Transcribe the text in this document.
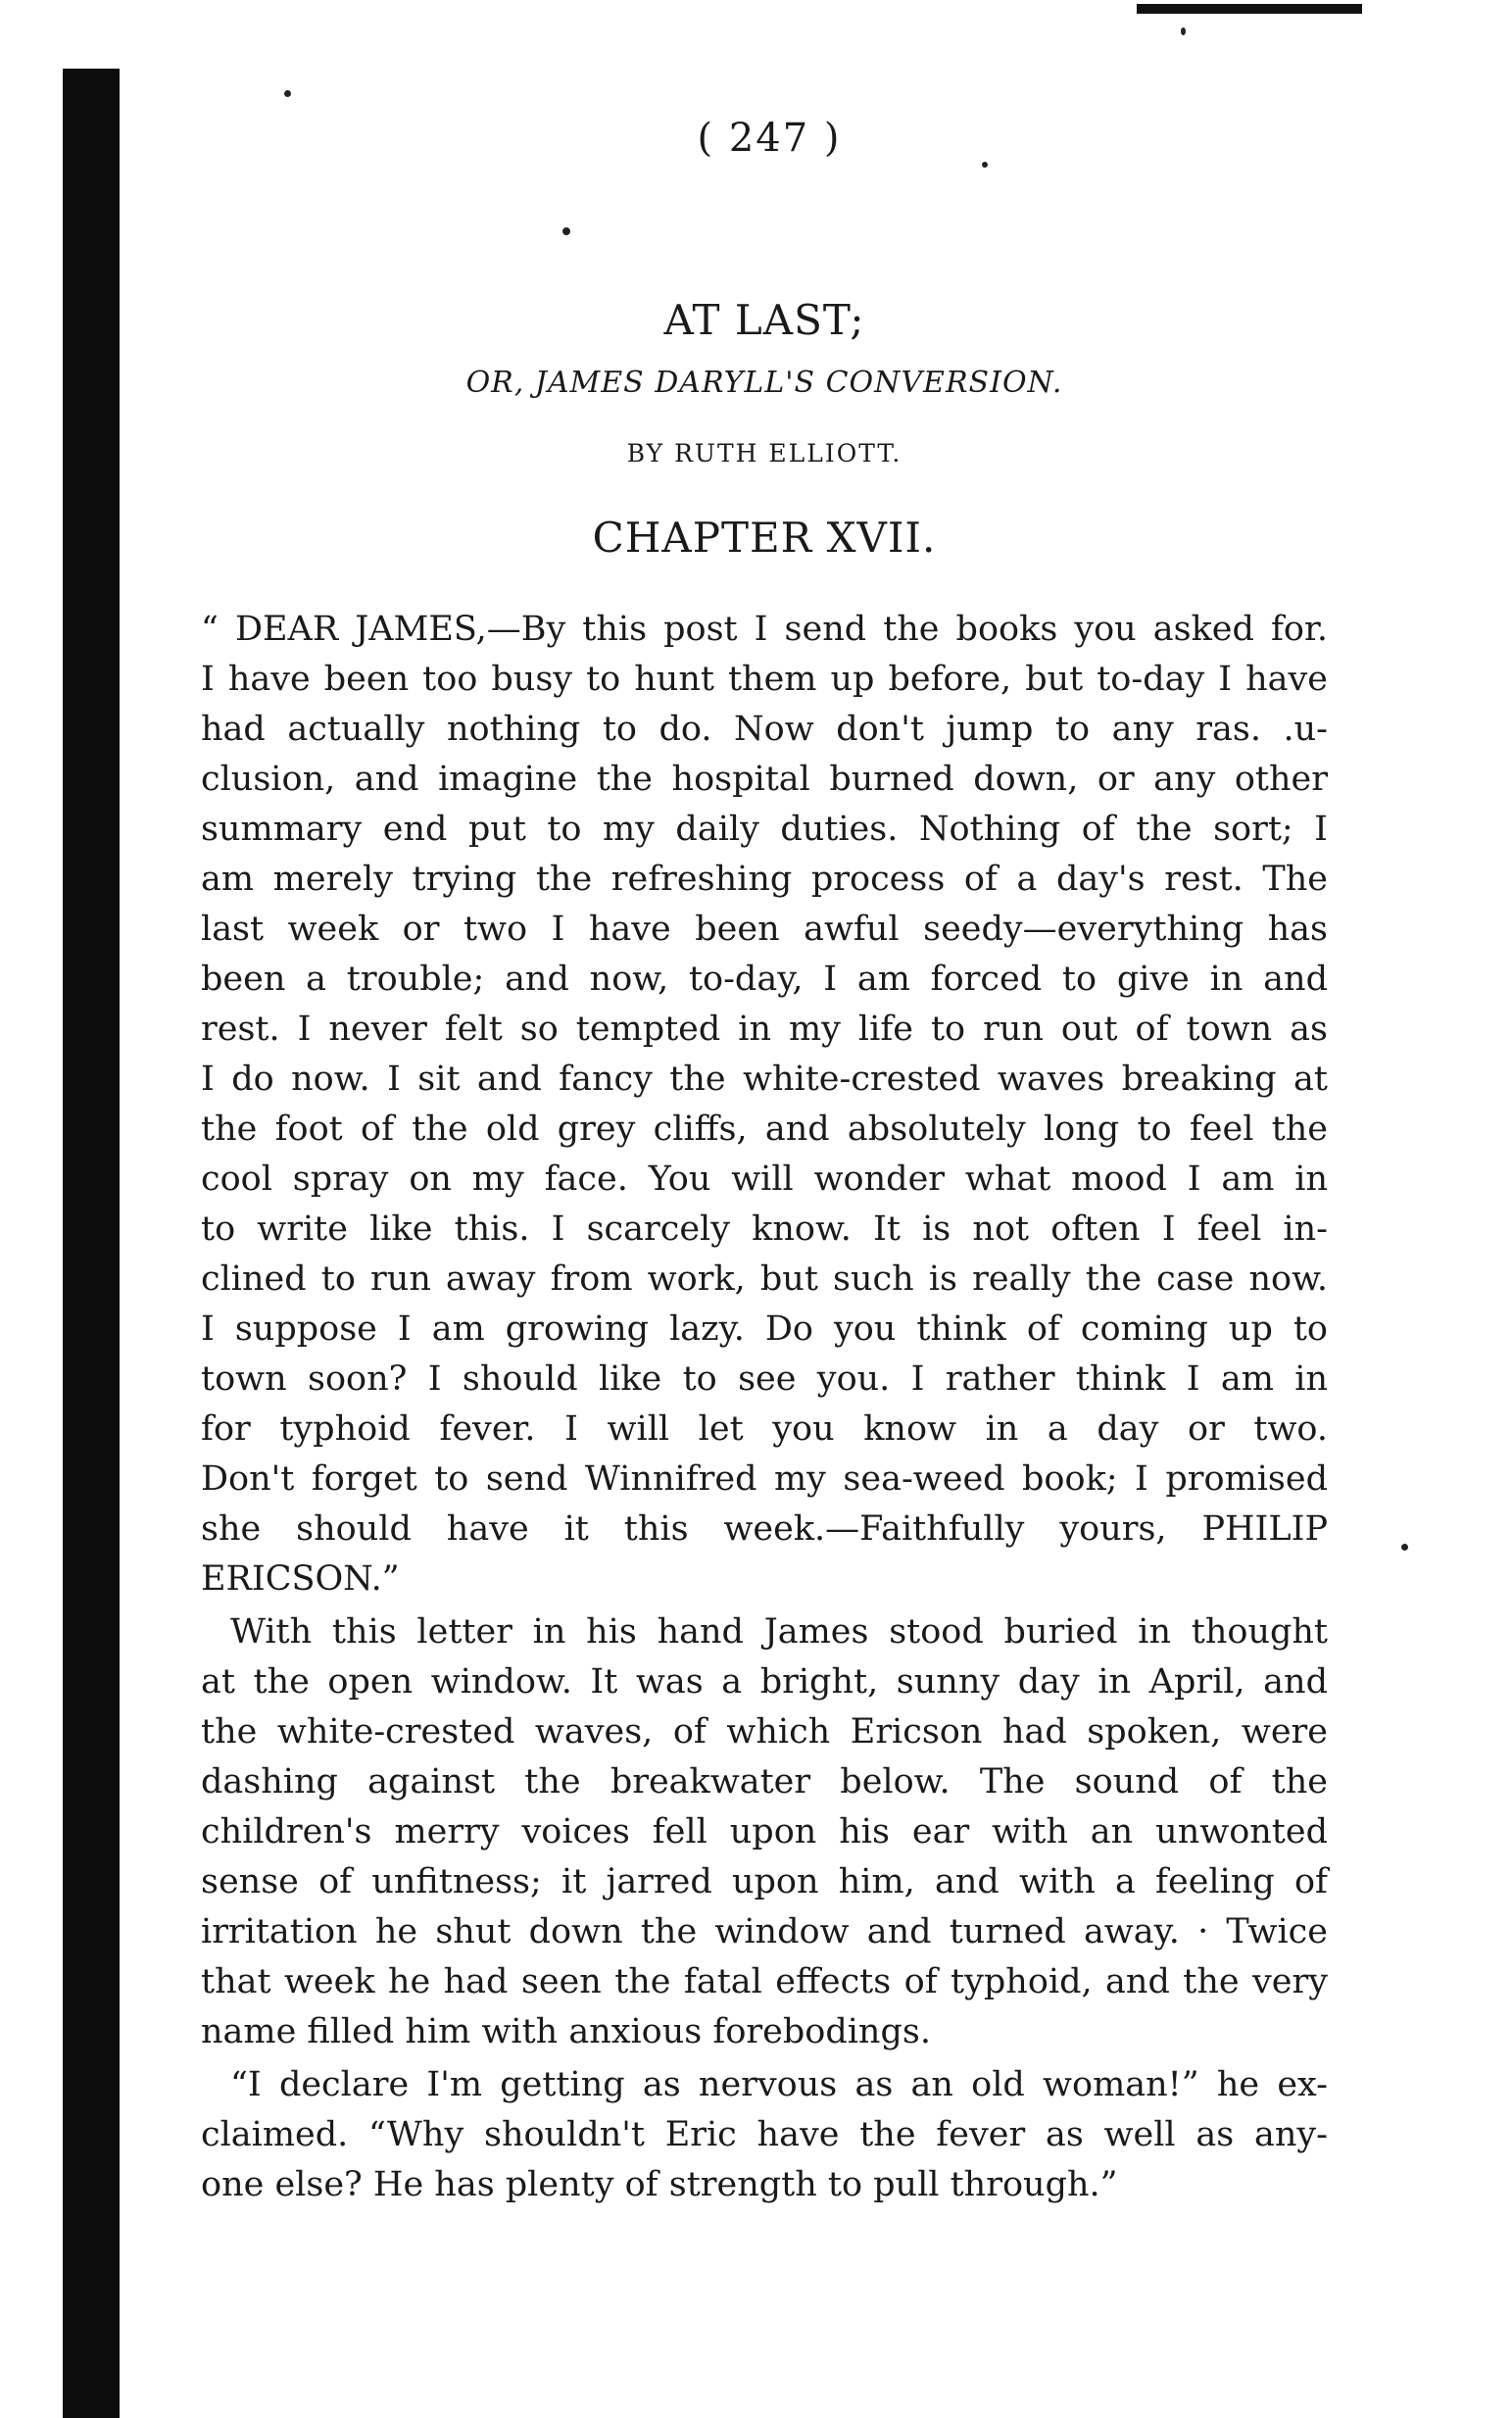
( 247 )
AT LAST;
OR, JAMES DARYLL'S CONVERSION.
BY RUTH ELLIOTT.
CHAPTER XVII.
“ DEAR JAMES,—By this post I send the books you asked for.
I have been too busy to hunt them up before, but to-day I have
had actually nothing to do. Now don't jump to any ras. .u-
clusion, and imagine the hospital burned down, or any other
summary end put to my daily duties. Nothing of the sort; I
am merely trying the refreshing process of a day's rest. The
last week or two I have been awful seedy—everything has
been a trouble; and now, to-day, I am forced to give in and
rest. I never felt so tempted in my life to run out of town as
I do now. I sit and fancy the white-crested waves breaking at
the foot of the old grey cliffs, and absolutely long to feel the
cool spray on my face. You will wonder what mood I am in
to write like this. I scarcely know. It is not often I feel in-
clined to run away from work, but such is really the case now.
I suppose I am growing lazy. Do you think of coming up to
town soon? I should like to see you. I rather think I am in
for typhoid fever. I will let you know in a day or two.
Don't forget to send Winnifred my sea-weed book; I promised
she should have it this week.—Faithfully yours, PHILIP
ERICSON.”
With this letter in his hand James stood buried in thought
at the open window. It was a bright, sunny day in April, and
the white-crested waves, of which Ericson had spoken, were
dashing against the breakwater below. The sound of the
children's merry voices fell upon his ear with an unwonted
sense of unfitness; it jarred upon him, and with a feeling of
irritation he shut down the window and turned away. · Twice
that week he had seen the fatal effects of typhoid, and the very
name filled him with anxious forebodings.
“I declare I'm getting as nervous as an old woman!” he ex-
claimed. “Why shouldn't Eric have the fever as well as any-
one else? He has plenty of strength to pull through.”
